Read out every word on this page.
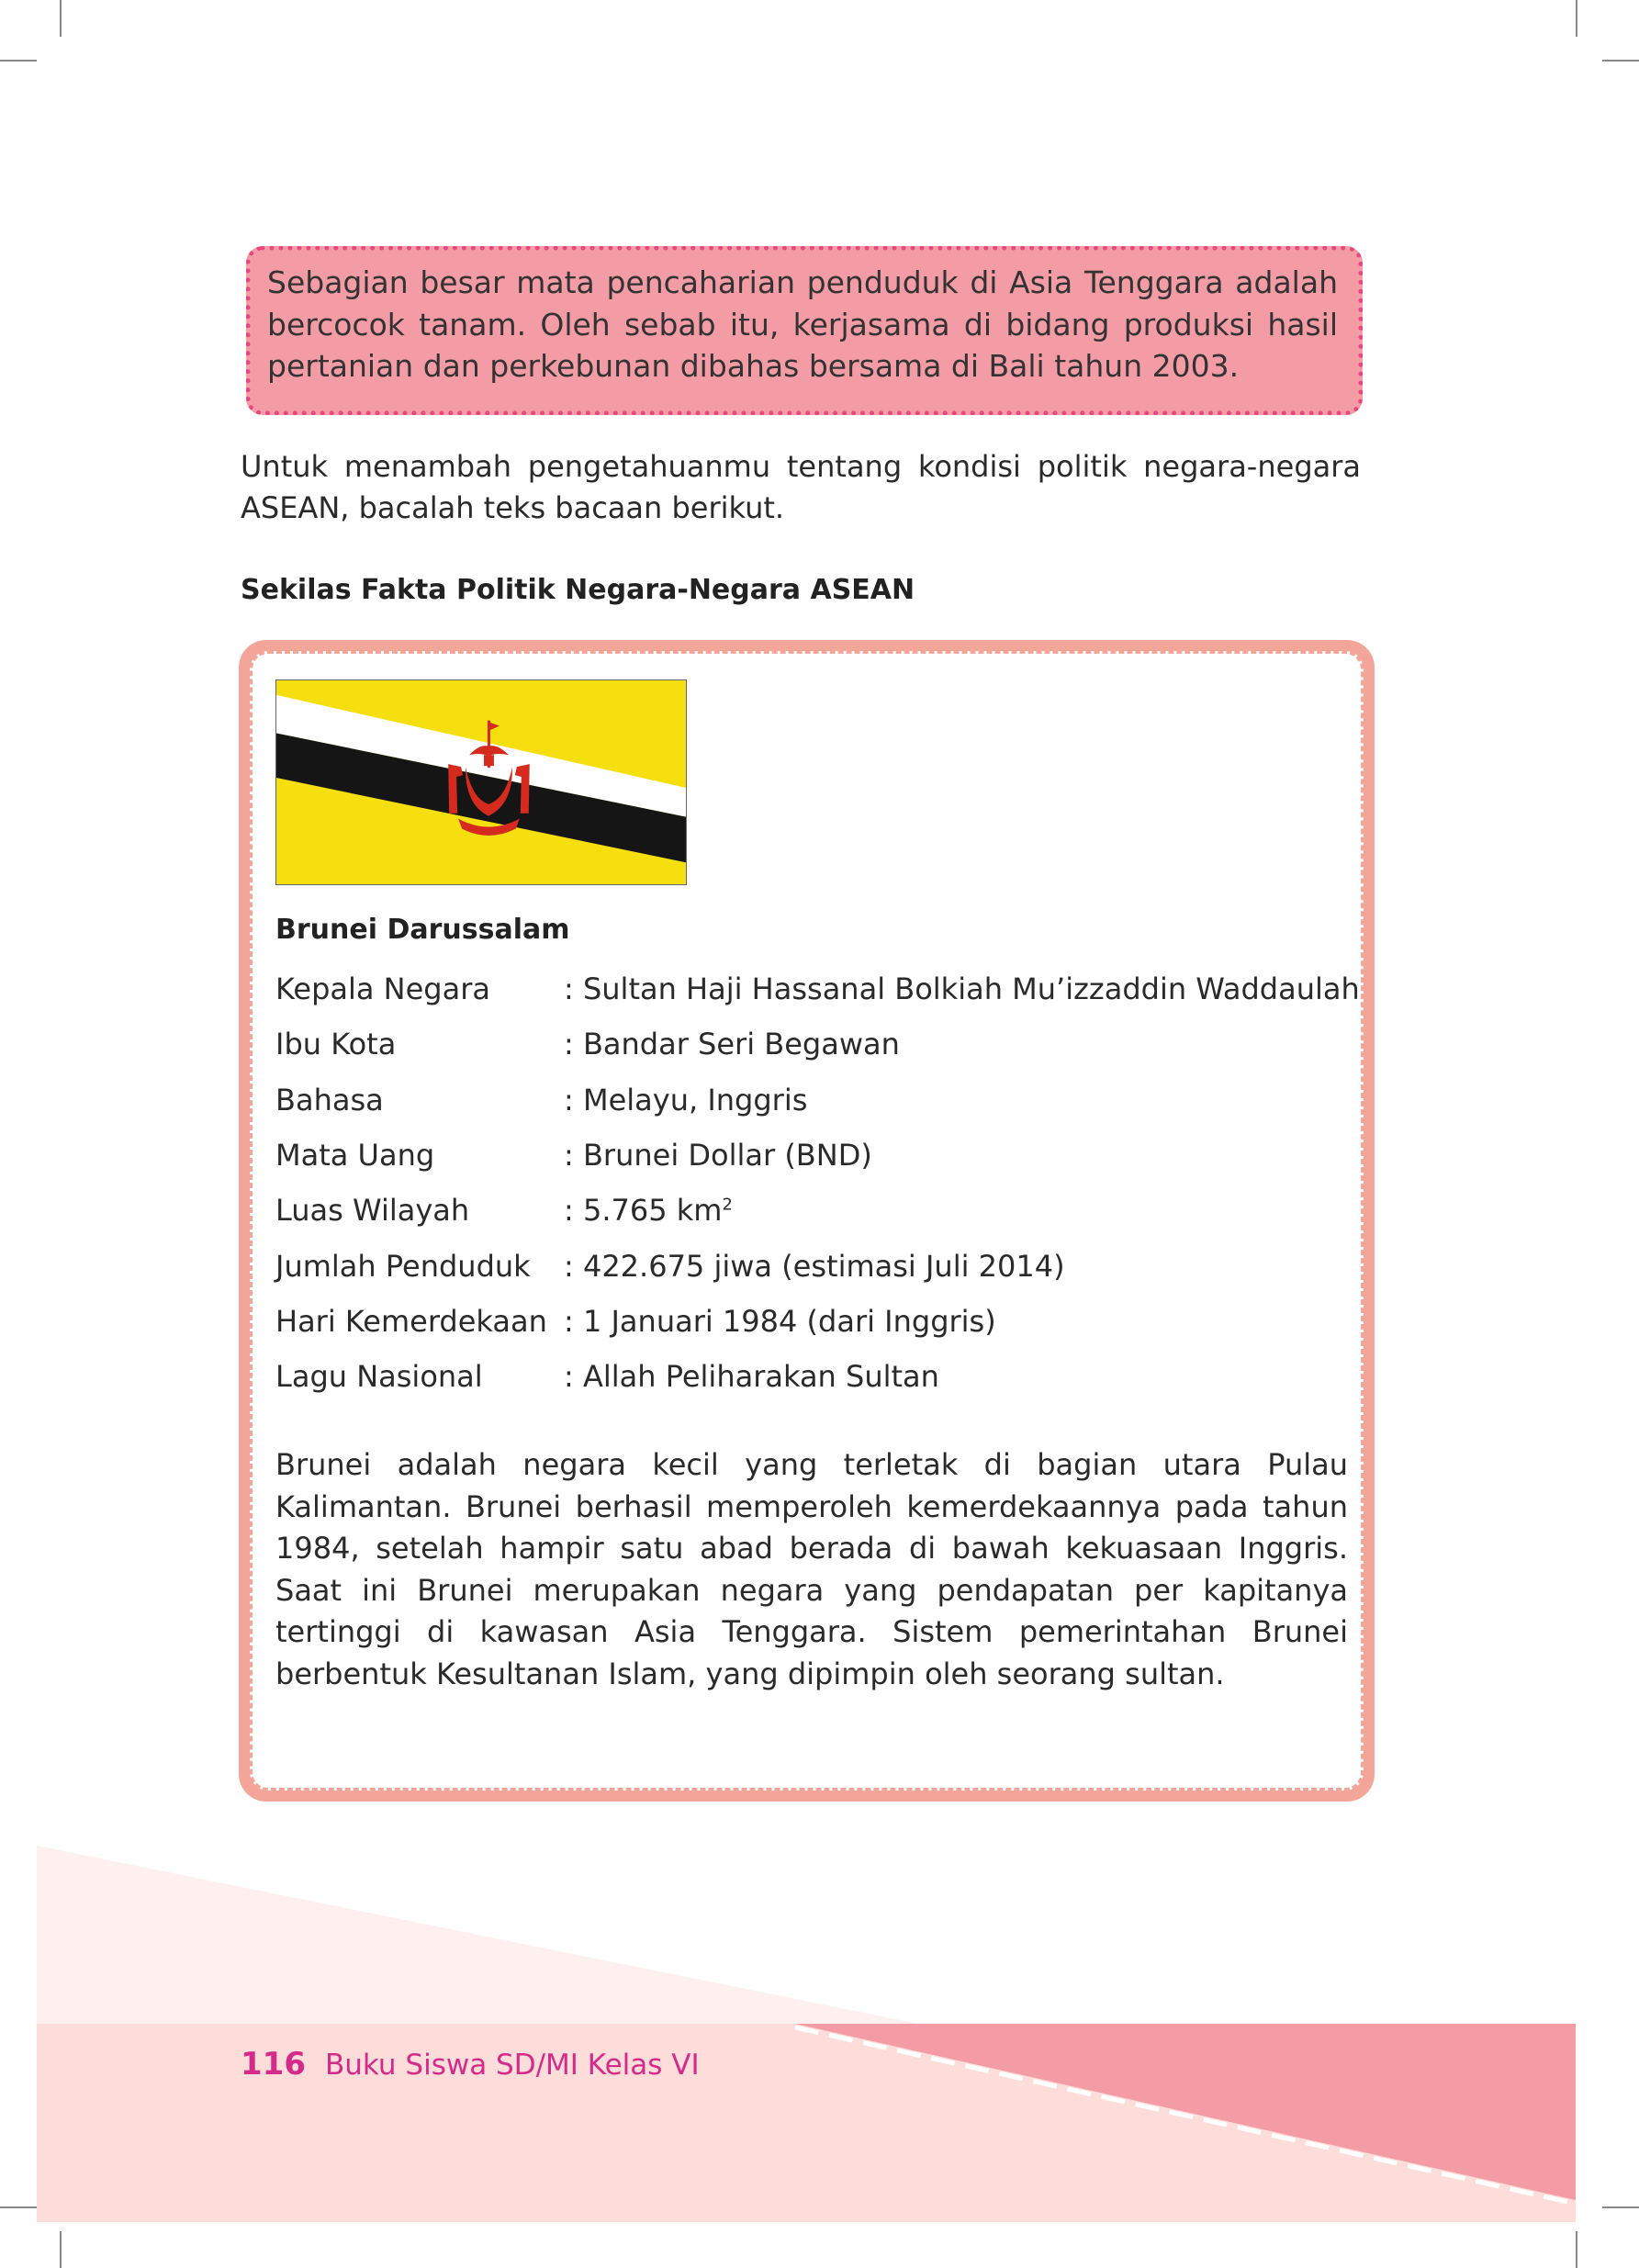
Sebagian besar mata pencaharian penduduk di Asia Tenggara adalah bercocok tanam. Oleh sebab itu, kerjasama di bidang produksi hasil pertanian dan perkebunan dibahas bersama di Bali tahun 2003.

Untuk menambah pengetahuanmu tentang kondisi politik negara-negara ASEAN, bacalah teks bacaan berikut.

Sekilas Fakta Politik Negara-Negara ASEAN
Brunei Darussalam
Kepala Negara	: Sultan Haji Hassanal Bolkiah Mu’izzaddin Waddaulah
Ibu Kota	: Bandar Seri Begawan
Bahasa	: Melayu, Inggris
Mata Uang	: Brunei Dollar (BND)
Luas Wilayah	: 5.765 $km^2$
Jumlah Penduduk	: 422.675 jiwa (estimasi Juli 2014)
Hari Kemerdekaan	: 1 Januari 1984 (dari Inggris)
Lagu Nasional	: Allah Peliharakan Sultan

Brunei adalah negara kecil yang terletak di bagian utara Pulau Kalimantan. Brunei berhasil memperoleh kemerdekaannya pada tahun 1984, setelah hampir satu abad berada di bawah kekuasaan Inggris. Saat ini Brunei merupakan negara yang pendapatan per kapitanya tertinggi di kawasan Asia Tenggara. Sistem pemerintahan Brunei berbentuk Kesultanan Islam, yang dipimpin oleh seorang sultan.

116 Buku Siswa SD/MI Kelas VI
